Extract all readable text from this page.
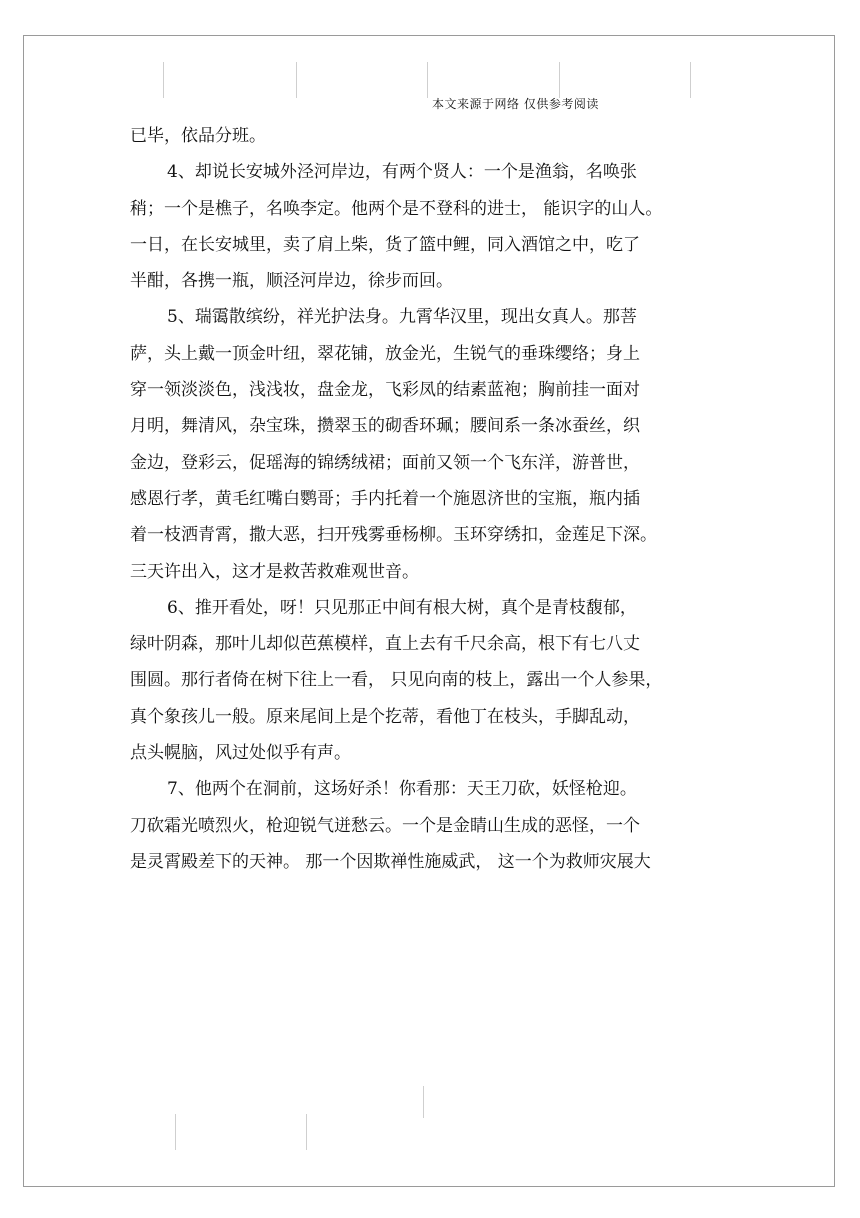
本文来源于网络 仅供参考阅读
已毕，依品分班。
4、却说长安城外泾河岸边，有两个贤人：一个是渔翁，名唤张
稍；一个是樵子，名唤李定。他两个是不登科的进士， 能识字的山人。
一日，在长安城里，卖了肩上柴，货了篮中鲤，同入酒馆之中，吃了
半酣，各携一瓶，顺泾河岸边，徐步而回。
5、瑞霭散缤纷，祥光护法身。九霄华汉里，现出女真人。那菩
萨，头上戴一顶金叶纽，翠花铺，放金光，生锐气的垂珠缨络；身上
穿一领淡淡色，浅浅妆，盘金龙，飞彩凤的结素蓝袍；胸前挂一面对
月明，舞清风，杂宝珠，攒翠玉的砌香环珮；腰间系一条冰蚕丝，织
金边，登彩云，促瑶海的锦绣绒裙；面前又领一个飞东洋，游普世，
感恩行孝，黄毛红嘴白鹦哥；手内托着一个施恩济世的宝瓶，瓶内插
着一枝洒青霄，撒大恶，扫开残雾垂杨柳。玉环穿绣扣，金莲足下深。
三天许出入，这才是救苦救难观世音。
6、推开看处，呀！只见那正中间有根大树，真个是青枝馥郁，
绿叶阴森，那叶儿却似芭蕉模样，直上去有千尺余高，根下有七八丈
围圆。那行者倚在树下往上一看， 只见向南的枝上，露出一个人参果，
真个象孩儿一般。原来尾间上是个扢蒂，看他丁在枝头，手脚乱动，
点头幌脑，风过处似乎有声。
7、他两个在洞前，这场好杀！你看那：天王刀砍，妖怪枪迎。
刀砍霜光喷烈火，枪迎锐气迸愁云。一个是金睛山生成的恶怪，一个
是灵霄殿差下的天神。 那一个因欺禅性施威武， 这一个为救师灾展大
